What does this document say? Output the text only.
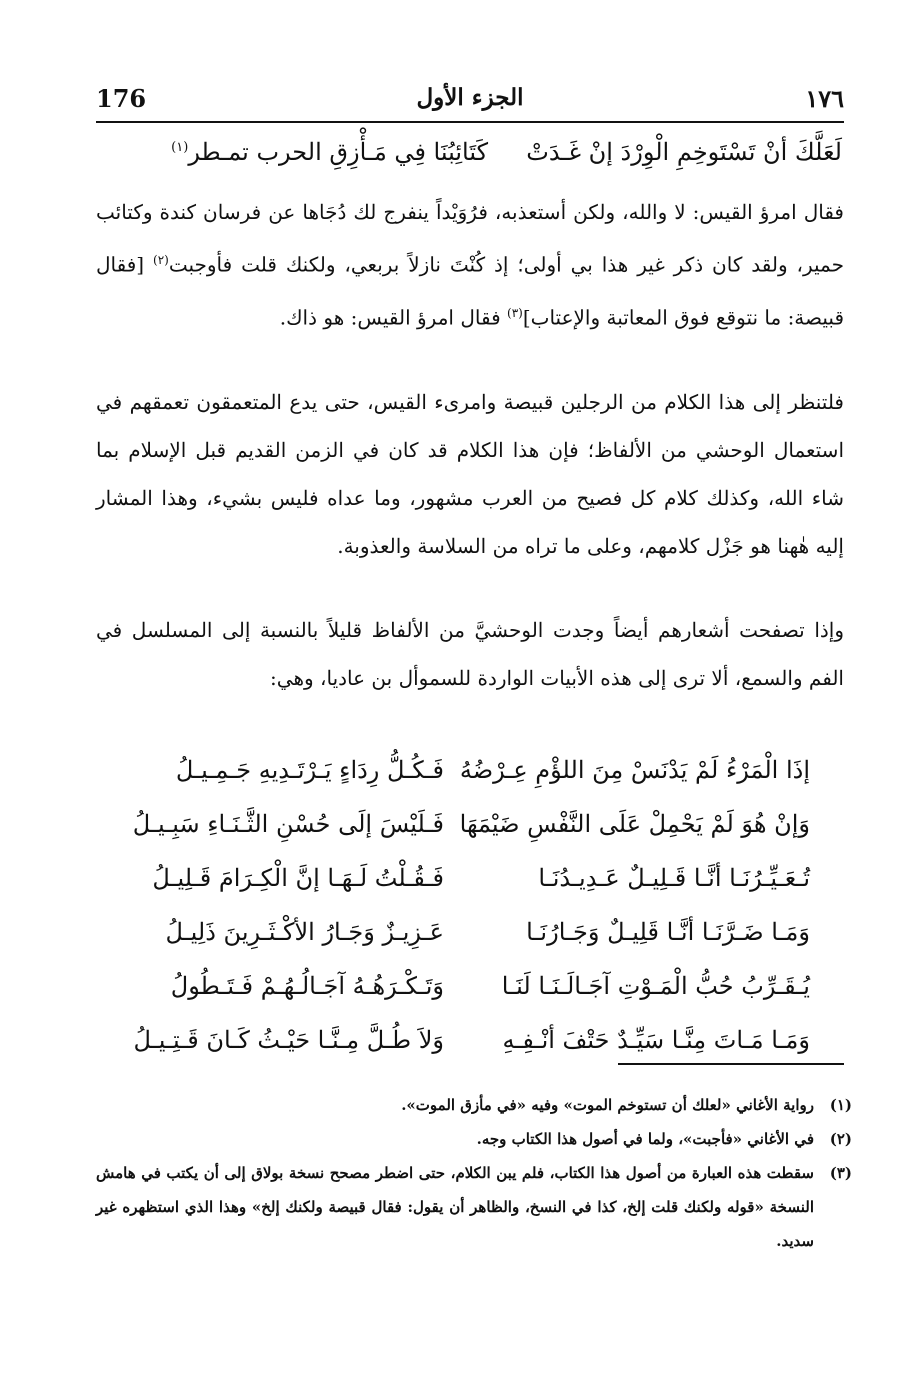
176	الجزء الأول	١٧٦
لَعَلَّكَ أنْ تَسْتَوخِمِ الْوِرْدَ إنْ غَـدَتْ
كَتَائِبُنَا فِي مَـأْزِقِ الحرب تمـطر$^{(١)}$
فقال امرؤ القيس: لا والله، ولكن أستعذبه، فرُوَيْداً ينفرج لك دُجَاها عن فرسان كندة وكتائب حمير، ولقد كان ذكر غير هذا بي أولى؛ إذ كُنْتَ نازلاً بربعي، ولكنك قلت فأوجبت$^{(٢)}$ [فقال قبيصة: ما نتوقع فوق المعاتبة والإعتاب]$^{(٣)}$ فقال امرؤ القيس: هو ذاك.
فلتنظر إلى هذا الكلام من الرجلين قبيصة وامرىء القيس، حتى يدع المتعمقون تعمقهم في استعمال الوحشي من الألفاظ؛ فإن هذا الكلام قد كان في الزمن القديم قبل الإسلام بما شاء الله، وكذلك كلام كل فصيح من العرب مشهور، وما عداه فليس بشيء، وهذا المشار إليه هٰهنا هو جَزْل كلامهم، وعلى ما تراه من السلاسة والعذوبة.
وإذا تصفحت أشعارهم أيضاً وجدت الوحشيَّ من الألفاظ قليلاً بالنسبة إلى المسلسل في الفم والسمع، ألا ترى إلى هذه الأبيات الواردة للسموأل بن عاديا، وهي:
إذَا الْمَرْءُ لَمْ يَدْنَسْ مِنَ اللؤْمِ عِـرْضُهُ
فَـكُـلُّ رِدَاءٍ يَـرْتَـدِيهِ جَـمِـيـلُ
وَإنْ هُوَ لَمْ يَحْمِلْ عَلَى النَّفْسِ ضَيْمَهَا
فَـلَيْسَ إلَى حُسْنِ الثَّـنَـاءِ سَبِـيـلُ
تُـعَـيِّـرُنَـا أنَّـا قَـلِيـلٌ عَـدِيـدُنَـا
فَـقُـلْتُ لَـهَـا إنَّ الْكِـرَامَ قَـلِيـلُ
وَمَـا ضَـرَّنَـا أنَّـا قَلِيـلٌ وَجَـارُنَـا
عَـزِيـزٌ وَجَـارُ الأكْـثَـرِينَ ذَلِيـلُ
يُـقَـرِّبُ حُبُّ الْمَـوْتِ آجَـالَـنَـا لَنَـا
وَتَـكْـرَهُـهُ آجَـالُـهُـمْ فَـتَـطُولُ
وَمَـا مَـاتَ مِنَّـا سَيِّـدٌ حَتْفَ أنْـفِـهِ
وَلاَ طُـلَّ مِـنَّـا حَيْـثُ كَـانَ قَـتِـيـلُ
(١)
رواية الأغاني «لعلك أن تستوخم الموت» وفيه «في مأزق الموت».
(٢)
في الأغاني «فأجبت»، ولما في أصول هذا الكتاب وجه.
(٣)
سقطت هذه العبارة من أصول هذا الكتاب، فلم يبن الكلام، حتى اضطر مصحح نسخة بولاق إلى أن يكتب في هامش النسخة «قوله ولكنك قلت إلخ، كذا في النسخ، والظاهر أن يقول: فقال قبيصة ولكنك إلخ» وهذا الذي استظهره غير سديد.
